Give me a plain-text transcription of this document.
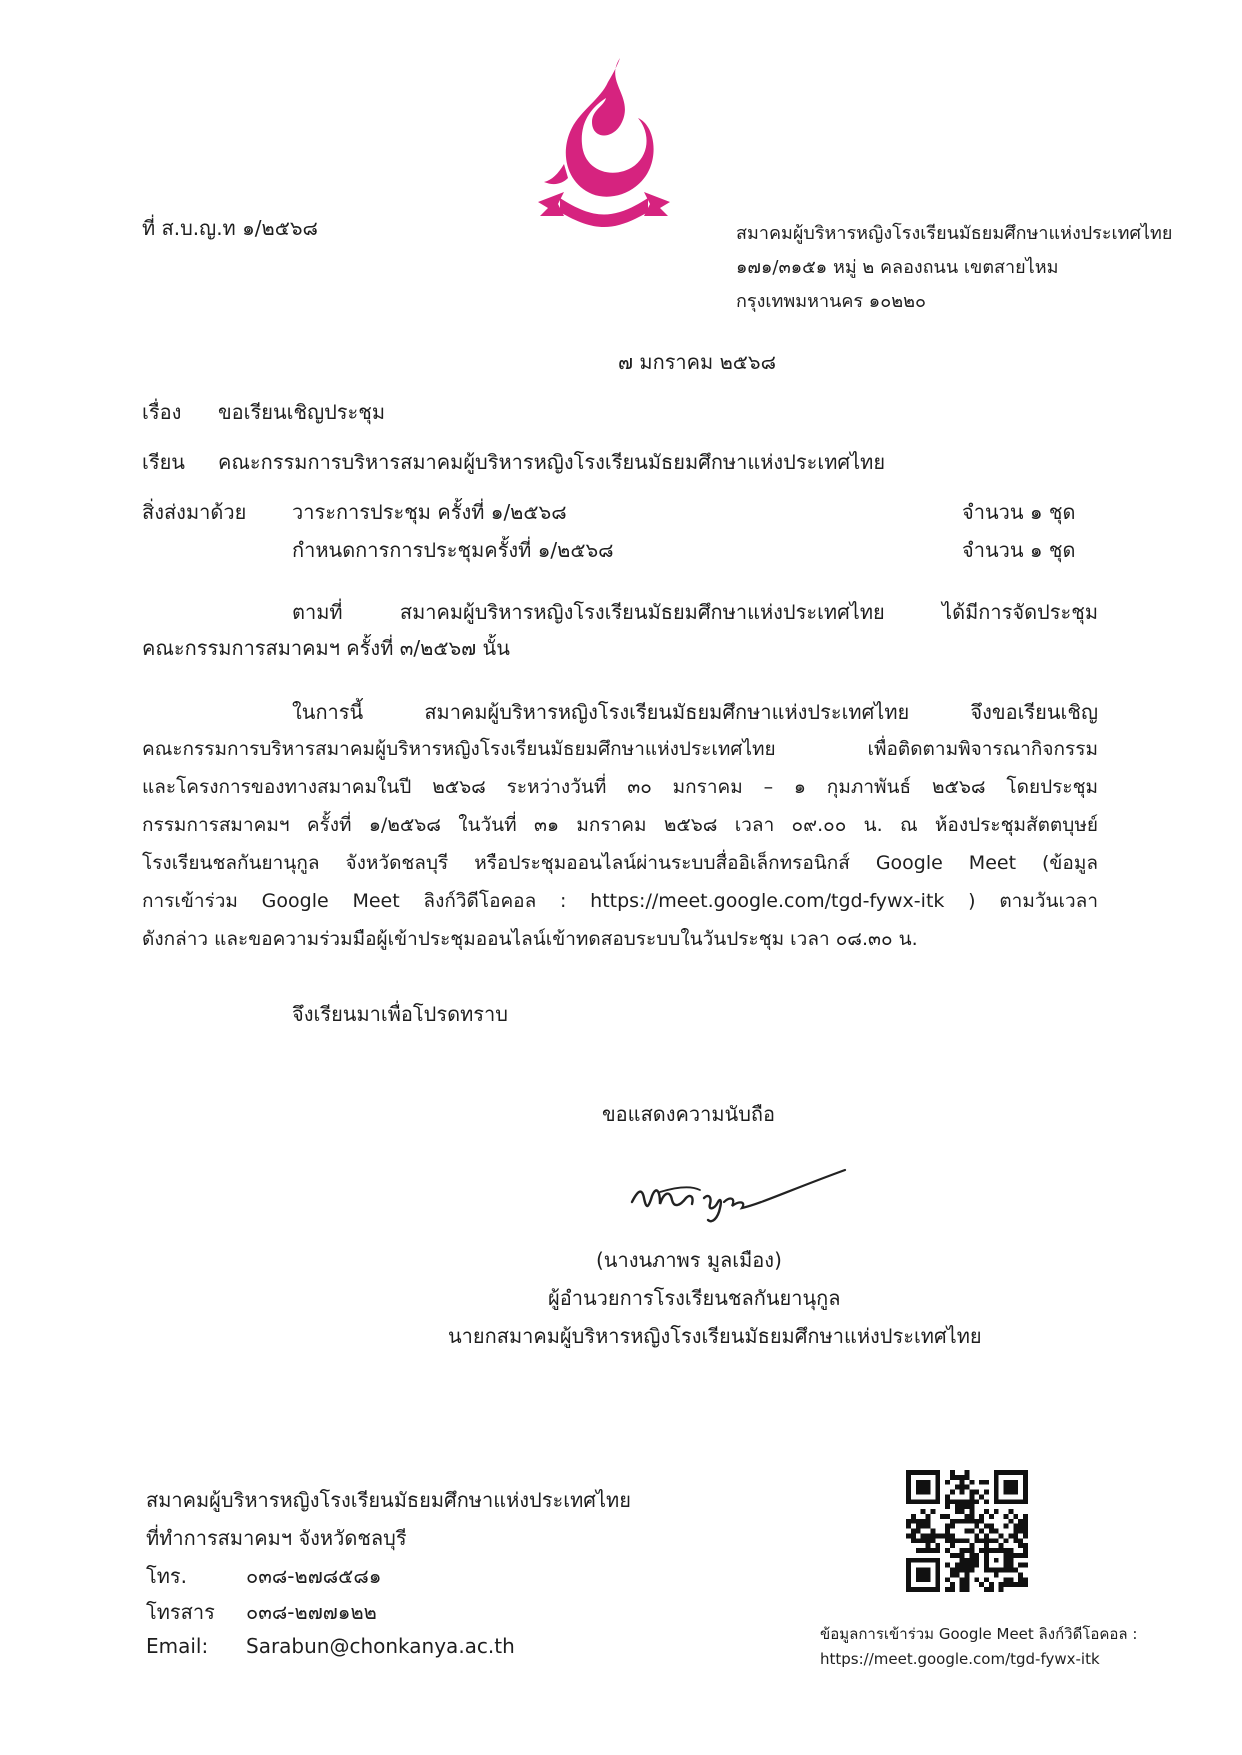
ที่ ส.บ.ญ.ท ๑/๒๕๖๘	สมาคมผู้บริหารหญิงโรงเรียนมัธยมศึกษาแห่งประเทศไทย
๑๗๑/๓๑๕๑ หมู่ ๒ คลองถนน เขตสายไหม
กรุงเทพมหานคร ๑๐๒๒๐
๗ มกราคม ๒๕๖๘
เรื่อง ขอเรียนเชิญประชุม
เรียน คณะกรรมการบริหารสมาคมผู้บริหารหญิงโรงเรียนมัธยมศึกษาแห่งประเทศไทย
สิ่งส่งมาด้วย วาระการประชุม ครั้งที่ ๑/๒๕๖๘	จำนวน ๑ ชุด
กำหนดการการประชุมครั้งที่ ๑/๒๕๖๘	จำนวน ๑ ชุด
ตามที่ สมาคมผู้บริหารหญิงโรงเรียนมัธยมศึกษาแห่งประเทศไทย ได้มีการจัดประชุม
คณะกรรมการสมาคมฯ ครั้งที่ ๓/๒๕๖๗ นั้น
ในการนี้ สมาคมผู้บริหารหญิงโรงเรียนมัธยมศึกษาแห่งประเทศไทย จึงขอเรียนเชิญ
คณะกรรมการบริหารสมาคมผู้บริหารหญิงโรงเรียนมัธยมศึกษาแห่งประเทศไทย เพื่อติดตามพิจารณากิจกรรม
และโครงการของทางสมาคมในปี ๒๕๖๘ ระหว่างวันที่ ๓๐ มกราคม – ๑ กุมภาพันธ์ ๒๕๖๘ โดยประชุม
กรรมการสมาคมฯ ครั้งที่ ๑/๒๕๖๘ ในวันที่ ๓๑ มกราคม ๒๕๖๘ เวลา ๐๙.๐๐ น. ณ ห้องประชุมสัตตบุษย์
โรงเรียนชลกันยานุกูล จังหวัดชลบุรี หรือประชุมออนไลน์ผ่านระบบสื่ออิเล็กทรอนิกส์ Google Meet (ข้อมูล
การเข้าร่วม Google Meet ลิงก์วิดีโอคอล : https://meet.google.com/tgd-fywx-itk ) ตามวันเวลา
ดังกล่าว และขอความร่วมมือผู้เข้าประชุมออนไลน์เข้าทดสอบระบบในวันประชุม เวลา ๐๘.๓๐ น.
จึงเรียนมาเพื่อโปรดทราบ
ขอแสดงความนับถือ
(นางนภาพร มูลเมือง)
ผู้อำนวยการโรงเรียนชลกันยานุกูล
นายกสมาคมผู้บริหารหญิงโรงเรียนมัธยมศึกษาแห่งประเทศไทย
สมาคมผู้บริหารหญิงโรงเรียนมัธยมศึกษาแห่งประเทศไทย
ที่ทำการสมาคมฯ จังหวัดชลบุรี
โทร.	๐๓๘-๒๗๘๕๘๑
โทรสาร ๐๓๘-๒๗๗๑๒๒
Email: Sarabun@chonkanya.ac.th	ข้อมูลการเข้าร่วม Google Meet ลิงก์วิดีโอคอล :
https://meet.google.com/tgd-fywx-itk
